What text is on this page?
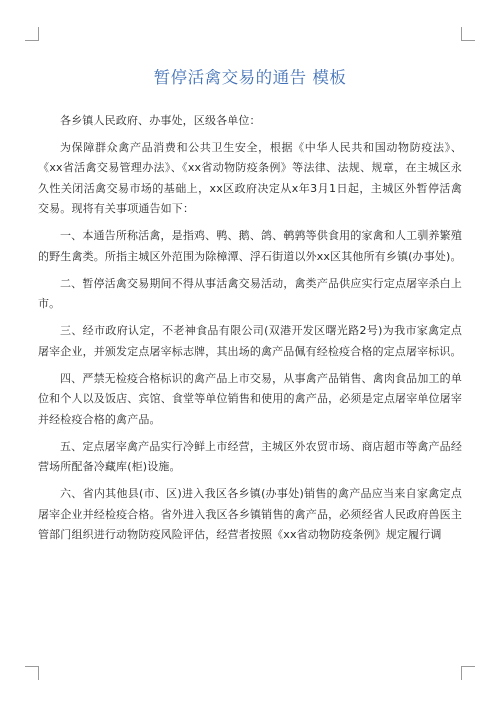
暂停活禽交易的通告 模板

各乡镇人民政府、办事处，区级各单位：

为保障群众禽产品消费和公共卫生安全，根据《中华人民共和国动物防疫法》、《xx省活禽交易管理办法》、《xx省动物防疫条例》等法律、法规、规章，在主城区永久性关闭活禽交易市场的基础上，xx区政府决定从x年3月1日起，主城区外暂停活禽交易。现将有关事项通告如下：

一、本通告所称活禽，是指鸡、鸭、鹅、鸽、鹌鹑等供食用的家禽和人工驯养繁殖的野生禽类。所指主城区外范围为除樟潭、浮石街道以外xx区其他所有乡镇(办事处)。

二、暂停活禽交易期间不得从事活禽交易活动，禽类产品供应实行定点屠宰杀白上市。

三、经市政府认定，不老神食品有限公司(双港开发区曙光路2号)为我市家禽定点屠宰企业，并颁发定点屠宰标志牌，其出场的禽产品佩有经检疫合格的定点屠宰标识。

四、严禁无检疫合格标识的禽产品上市交易，从事禽产品销售、禽肉食品加工的单位和个人以及饭店、宾馆、食堂等单位销售和使用的禽产品，必须是定点屠宰单位屠宰并经检疫合格的禽产品。

五、定点屠宰禽产品实行冷鲜上市经营，主城区外农贸市场、商店超市等禽产品经营场所配备冷藏库(柜)设施。

六、省内其他县(市、区)进入我区各乡镇(办事处)销售的禽产品应当来自家禽定点屠宰企业并经检疫合格。省外进入我区各乡镇销售的禽产品，必须经省人民政府兽医主管部门组织进行动物防疫风险评估，经营者按照《xx省动物防疫条例》规定履行调
